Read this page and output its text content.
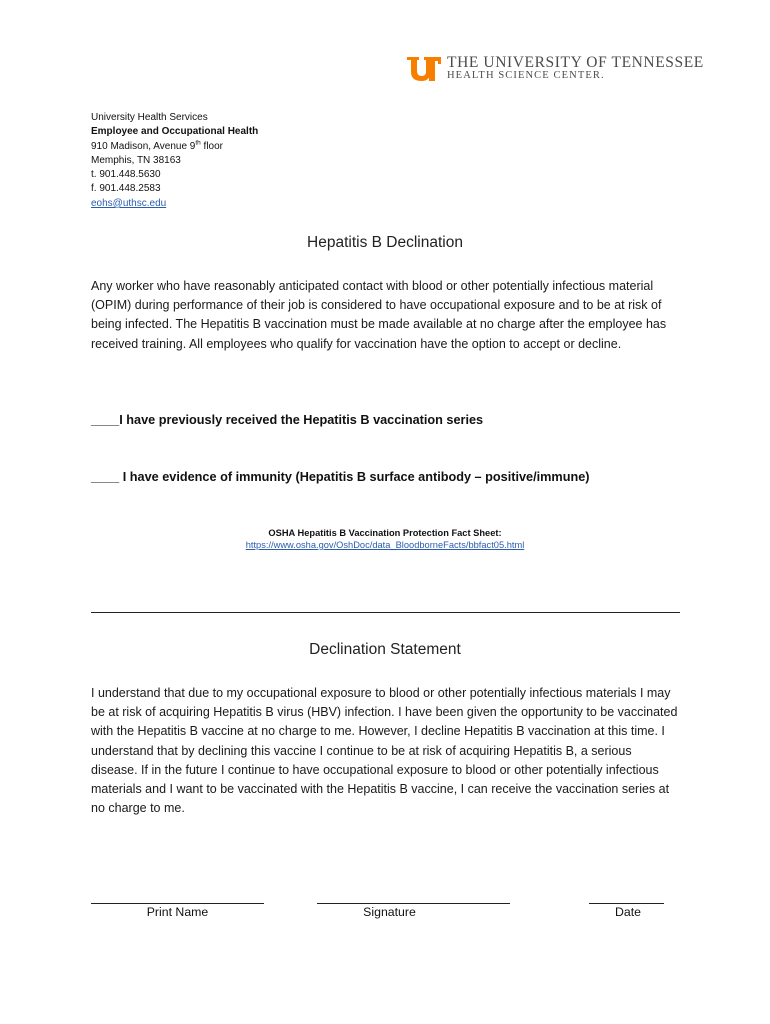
THE UNIVERSITY OF TENNESSEE
HEALTH SCIENCE CENTER.
University Health Services
Employee and Occupational Health
910 Madison, Avenue 9th floor
Memphis, TN 38163
t. 901.448.5630
f. 901.448.2583
eohs@uthsc.edu
Hepatitis B Declination
Any worker who have reasonably anticipated contact with blood or other potentially infectious material (OPIM) during performance of their job is considered to have occupational exposure and to be at risk of being infected. The Hepatitis B vaccination must be made available at no charge after the employee has received training. All employees who qualify for vaccination have the option to accept or decline.
____I have previously received the Hepatitis B vaccination series
____ I have evidence of immunity (Hepatitis B surface antibody – positive/immune)
OSHA Hepatitis B Vaccination Protection Fact Sheet:
https://www.osha.gov/OshDoc/data_BloodborneFacts/bbfact05.html
Declination Statement
I understand that due to my occupational exposure to blood or other potentially infectious materials I may be at risk of acquiring Hepatitis B virus (HBV) infection. I have been given the opportunity to be vaccinated with the Hepatitis B vaccine at no charge to me. However, I decline Hepatitis B vaccination at this time. I understand that by declining this vaccine I continue to be at risk of acquiring Hepatitis B, a serious disease. If in the future I continue to have occupational exposure to blood or other potentially infectious materials and I want to be vaccinated with the Hepatitis B vaccine, I can receive the vaccination series at no charge to me.
Print Name	Signature	Date
